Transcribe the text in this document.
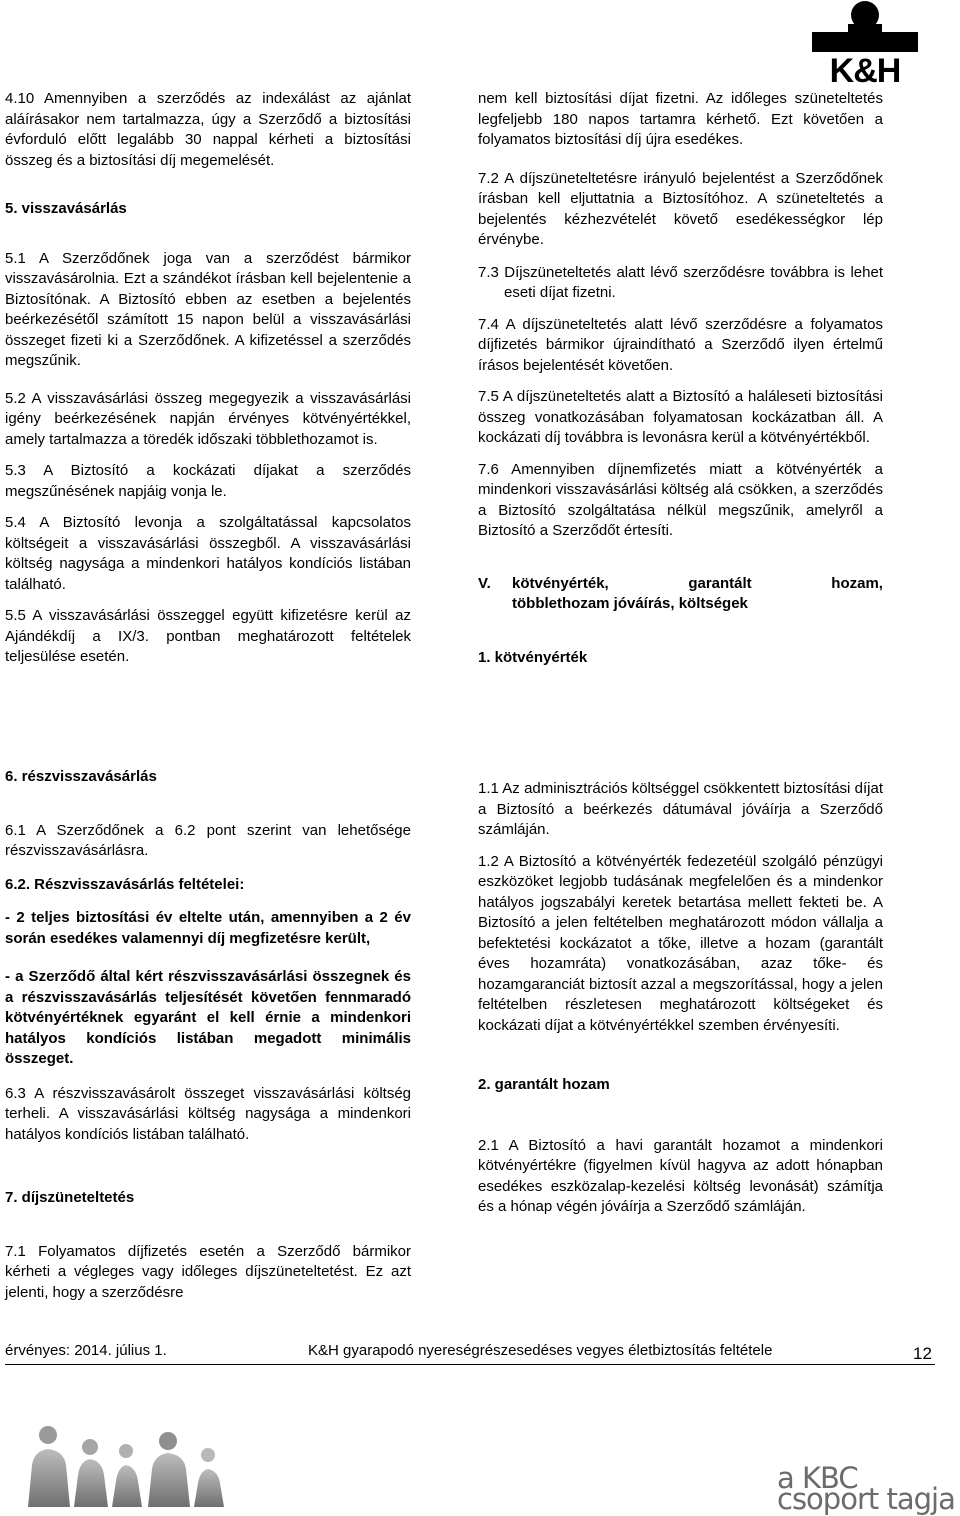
K&H

4.10 Amennyiben a szerződés az indexálást az ajánlat aláírásakor nem tartalmazza, úgy a Szerződő a biztosítási évforduló előtt legalább 30 nappal kérheti a biztosítási összeg és a biztosítási díj megemelését.

5. visszavásárlás

5.1 A Szerződőnek joga van a szerződést bármikor visszavásárolnia. Ezt a szándékot írásban kell bejelentenie a Biztosítónak. A Biztosító ebben az esetben a bejelentés beérkezésétől számított 15 napon belül a visszavásárlási összeget fizeti ki a Szerződőnek. A kifizetéssel a szerződés megszűnik.

5.2 A visszavásárlási összeg megegyezik a visszavásárlási igény beérkezésének napján érvényes kötvényértékkel, amely tartalmazza a töredék időszaki többlethozamot is.

5.3 A Biztosító a kockázati díjakat a szerződés megszűnésének napjáig vonja le.

5.4 A Biztosító levonja a szolgáltatással kapcsolatos költségeit a visszavásárlási összegből. A visszavásárlási költség nagysága a mindenkori hatályos kondíciós listában található.

5.5 A visszavásárlási összeggel együtt kifizetésre kerül az Ajándékdíj a IX/3. pontban meghatározott feltételek teljesülése esetén.

nem kell biztosítási díjat fizetni. Az időleges szüneteltetés legfeljebb 180 napos tartamra kérhető. Ezt követően a folyamatos biztosítási díj újra esedékes.

7.2 A díjszüneteltetésre irányuló bejelentést a Szerződőnek írásban kell eljuttatnia a Biztosítóhoz. A szüneteltetés a bejelentés kézhezvételét követő esedékességkor lép érvénybe.

7.3 Díjszüneteltetés alatt lévő szerződésre továbbra is lehet eseti díjat fizetni.

7.4 A díjszüneteltetés alatt lévő szerződésre a folyamatos díjfizetés bármikor újraindítható a Szerződő ilyen értelmű írásos bejelentését követően.

7.5 A díjszüneteltetés alatt a Biztosító a haláleseti biztosítási összeg vonatkozásában folyamatosan kockázatban áll. A kockázati díj továbbra is levonásra kerül a kötvényértékből.

7.6 Amennyiben díjnemfizetés miatt a kötvényérték a mindenkori visszavásárlási költség alá csökken, a szerződés a Biztosító szolgáltatása nélkül megszűnik, amelyről a Biztosító a Szerződőt értesíti.

V.	kötvényérték,	garantált	hozam,
többlethozam jóváírás, költségek

1. kötvényérték

6. részvisszavásárlás

6.1 A Szerződőnek a 6.2 pont szerint van lehetősége részvisszavásárlásra.

6.2. Részvisszavásárlás feltételei:

- 2 teljes biztosítási év eltelte után, amennyiben a 2 év során esedékes valamennyi díj megfizetésre került,

- a Szerződő által kért részvisszavásárlási összegnek és a részvisszavásárlás teljesítését követően fennmaradó kötvényértéknek egyaránt el kell érnie a mindenkori hatályos kondíciós listában megadott minimális összeget.

6.3 A részvisszavásárolt összeget visszavásárlási költség terheli. A visszavásárlási költség nagysága a mindenkori hatályos kondíciós listában található.

7. díjszüneteltetés

7.1 Folyamatos díjfizetés esetén a Szerződő bármikor kérheti a végleges vagy időleges díjszüneteltetést. Ez azt jelenti, hogy a szerződésre

1.1 Az adminisztrációs költséggel csökkentett biztosítási díjat a Biztosító a beérkezés dátumával jóváírja a Szerződő számláján.

1.2 A Biztosító a kötvényérték fedezetéül szolgáló pénzügyi eszközöket legjobb tudásának megfelelően és a mindenkor hatályos jogszabályi keretek betartása mellett fekteti be. A Biztosító a jelen feltételben meghatározott módon vállalja a befektetési kockázatot a tőke, illetve a hozam (garantált éves hozamráta) vonatkozásában, azaz tőke- és hozamgaranciát biztosít azzal a megszorítással, hogy a jelen feltételben részletesen meghatározott költségeket és kockázati díjat a kötvényértékkel szemben érvényesíti.

2. garantált hozam

2.1 A Biztosító a havi garantált hozamot a mindenkori kötvényértékre (figyelmen kívül hagyva az adott hónapban esedékes eszközalap-kezelési költség levonását) számítja és a hónap végén jóváírja a Szerződő számláján.

érvényes: 2014. július 1.	K&H gyarapodó nyereségrészesedéses vegyes életbiztosítás feltétele	12
a KBC csoport tagja
